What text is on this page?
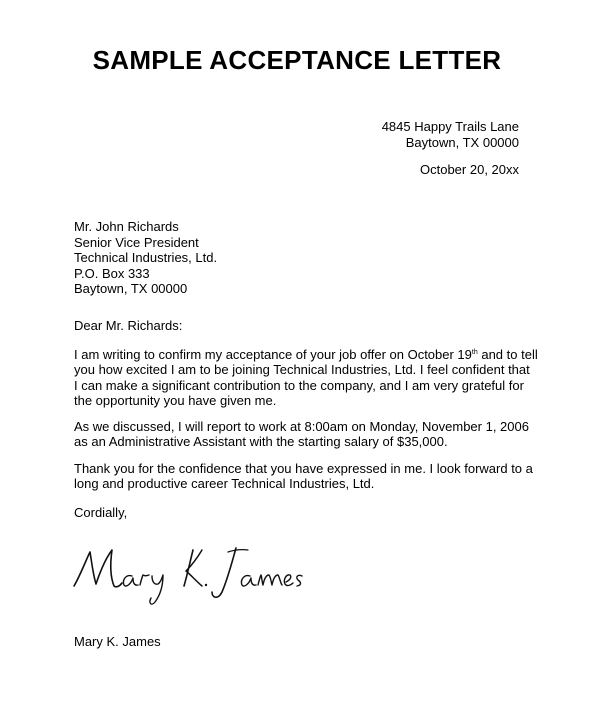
SAMPLE ACCEPTANCE LETTER
4845 Happy Trails Lane
Baytown, TX 00000
October 20, 20xx
Mr. John Richards
Senior Vice President
Technical Industries, Ltd.
P.O. Box 333
Baytown, TX 00000
Dear Mr. Richards:
I am writing to confirm my acceptance of your job offer on October 19th and to tell
you how excited I am to be joining Technical Industries, Ltd. I feel confident that
I can make a significant contribution to the company, and I am very grateful for
the opportunity you have given me.
As we discussed, I will report to work at 8:00am on Monday, November 1, 2006
as an Administrative Assistant with the starting salary of $35,000.
Thank you for the confidence that you have expressed in me. I look forward to a
long and productive career Technical Industries, Ltd.
Cordially,
Mary K. James
